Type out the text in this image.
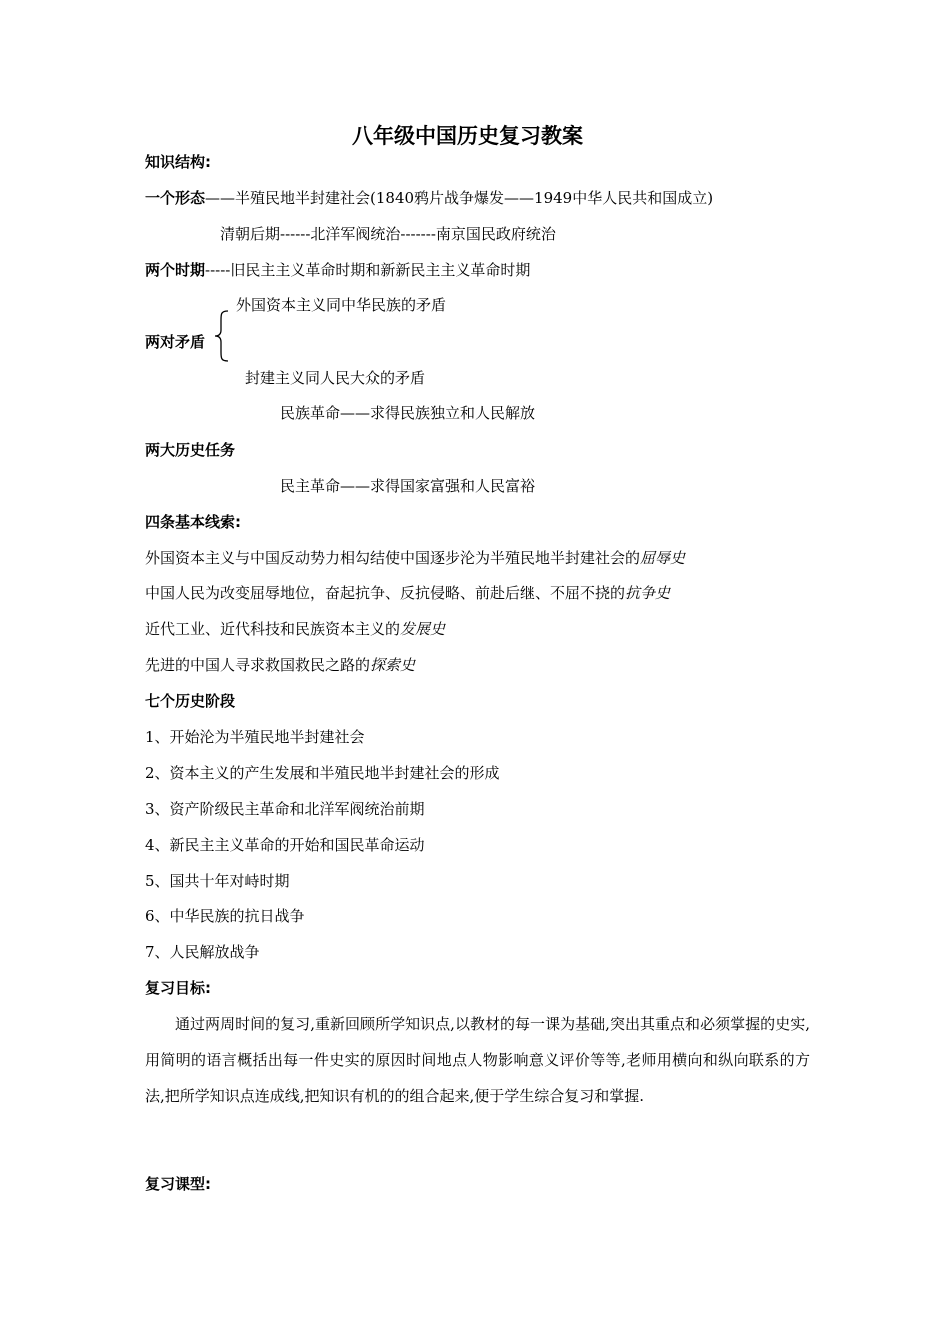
八年级中国历史复习教案
知识结构:
一个形态——半殖民地半封建社会(1840鸦片战争爆发——1949中华人民共和国成立)
清朝后期------北洋军阀统治-------南京国民政府统治
两个时期-----旧民主主义革命时期和新新民主主义革命时期
外国资本主义同中华民族的矛盾
两对矛盾
封建主义同人民大众的矛盾
民族革命——求得民族独立和人民解放
两大历史任务
民主革命——求得国家富强和人民富裕
四条基本线索:
外国资本主义与中国反动势力相勾结使中国逐步沦为半殖民地半封建社会的屈辱史
中国人民为改变屈辱地位，奋起抗争、反抗侵略、前赴后继、不屈不挠的抗争史
近代工业、近代科技和民族资本主义的发展史
先进的中国人寻求救国救民之路的探索史
七个历史阶段
1、开始沦为半殖民地半封建社会
2、资本主义的产生发展和半殖民地半封建社会的形成
3、资产阶级民主革命和北洋军阀统治前期
4、新民主主义革命的开始和国民革命运动
5、国共十年对峙时期
6、中华民族的抗日战争
7、人民解放战争
复习目标:
通过两周时间的复习,重新回顾所学知识点,以教材的每一课为基础,突出其重点和必须掌握的史实,用简明的语言概括出每一件史实的原因时间地点人物影响意义评价等等,老师用横向和纵向联系的方法,把所学知识点连成线,把知识有机的的组合起来,便于学生综合复习和掌握.
复习课型:
